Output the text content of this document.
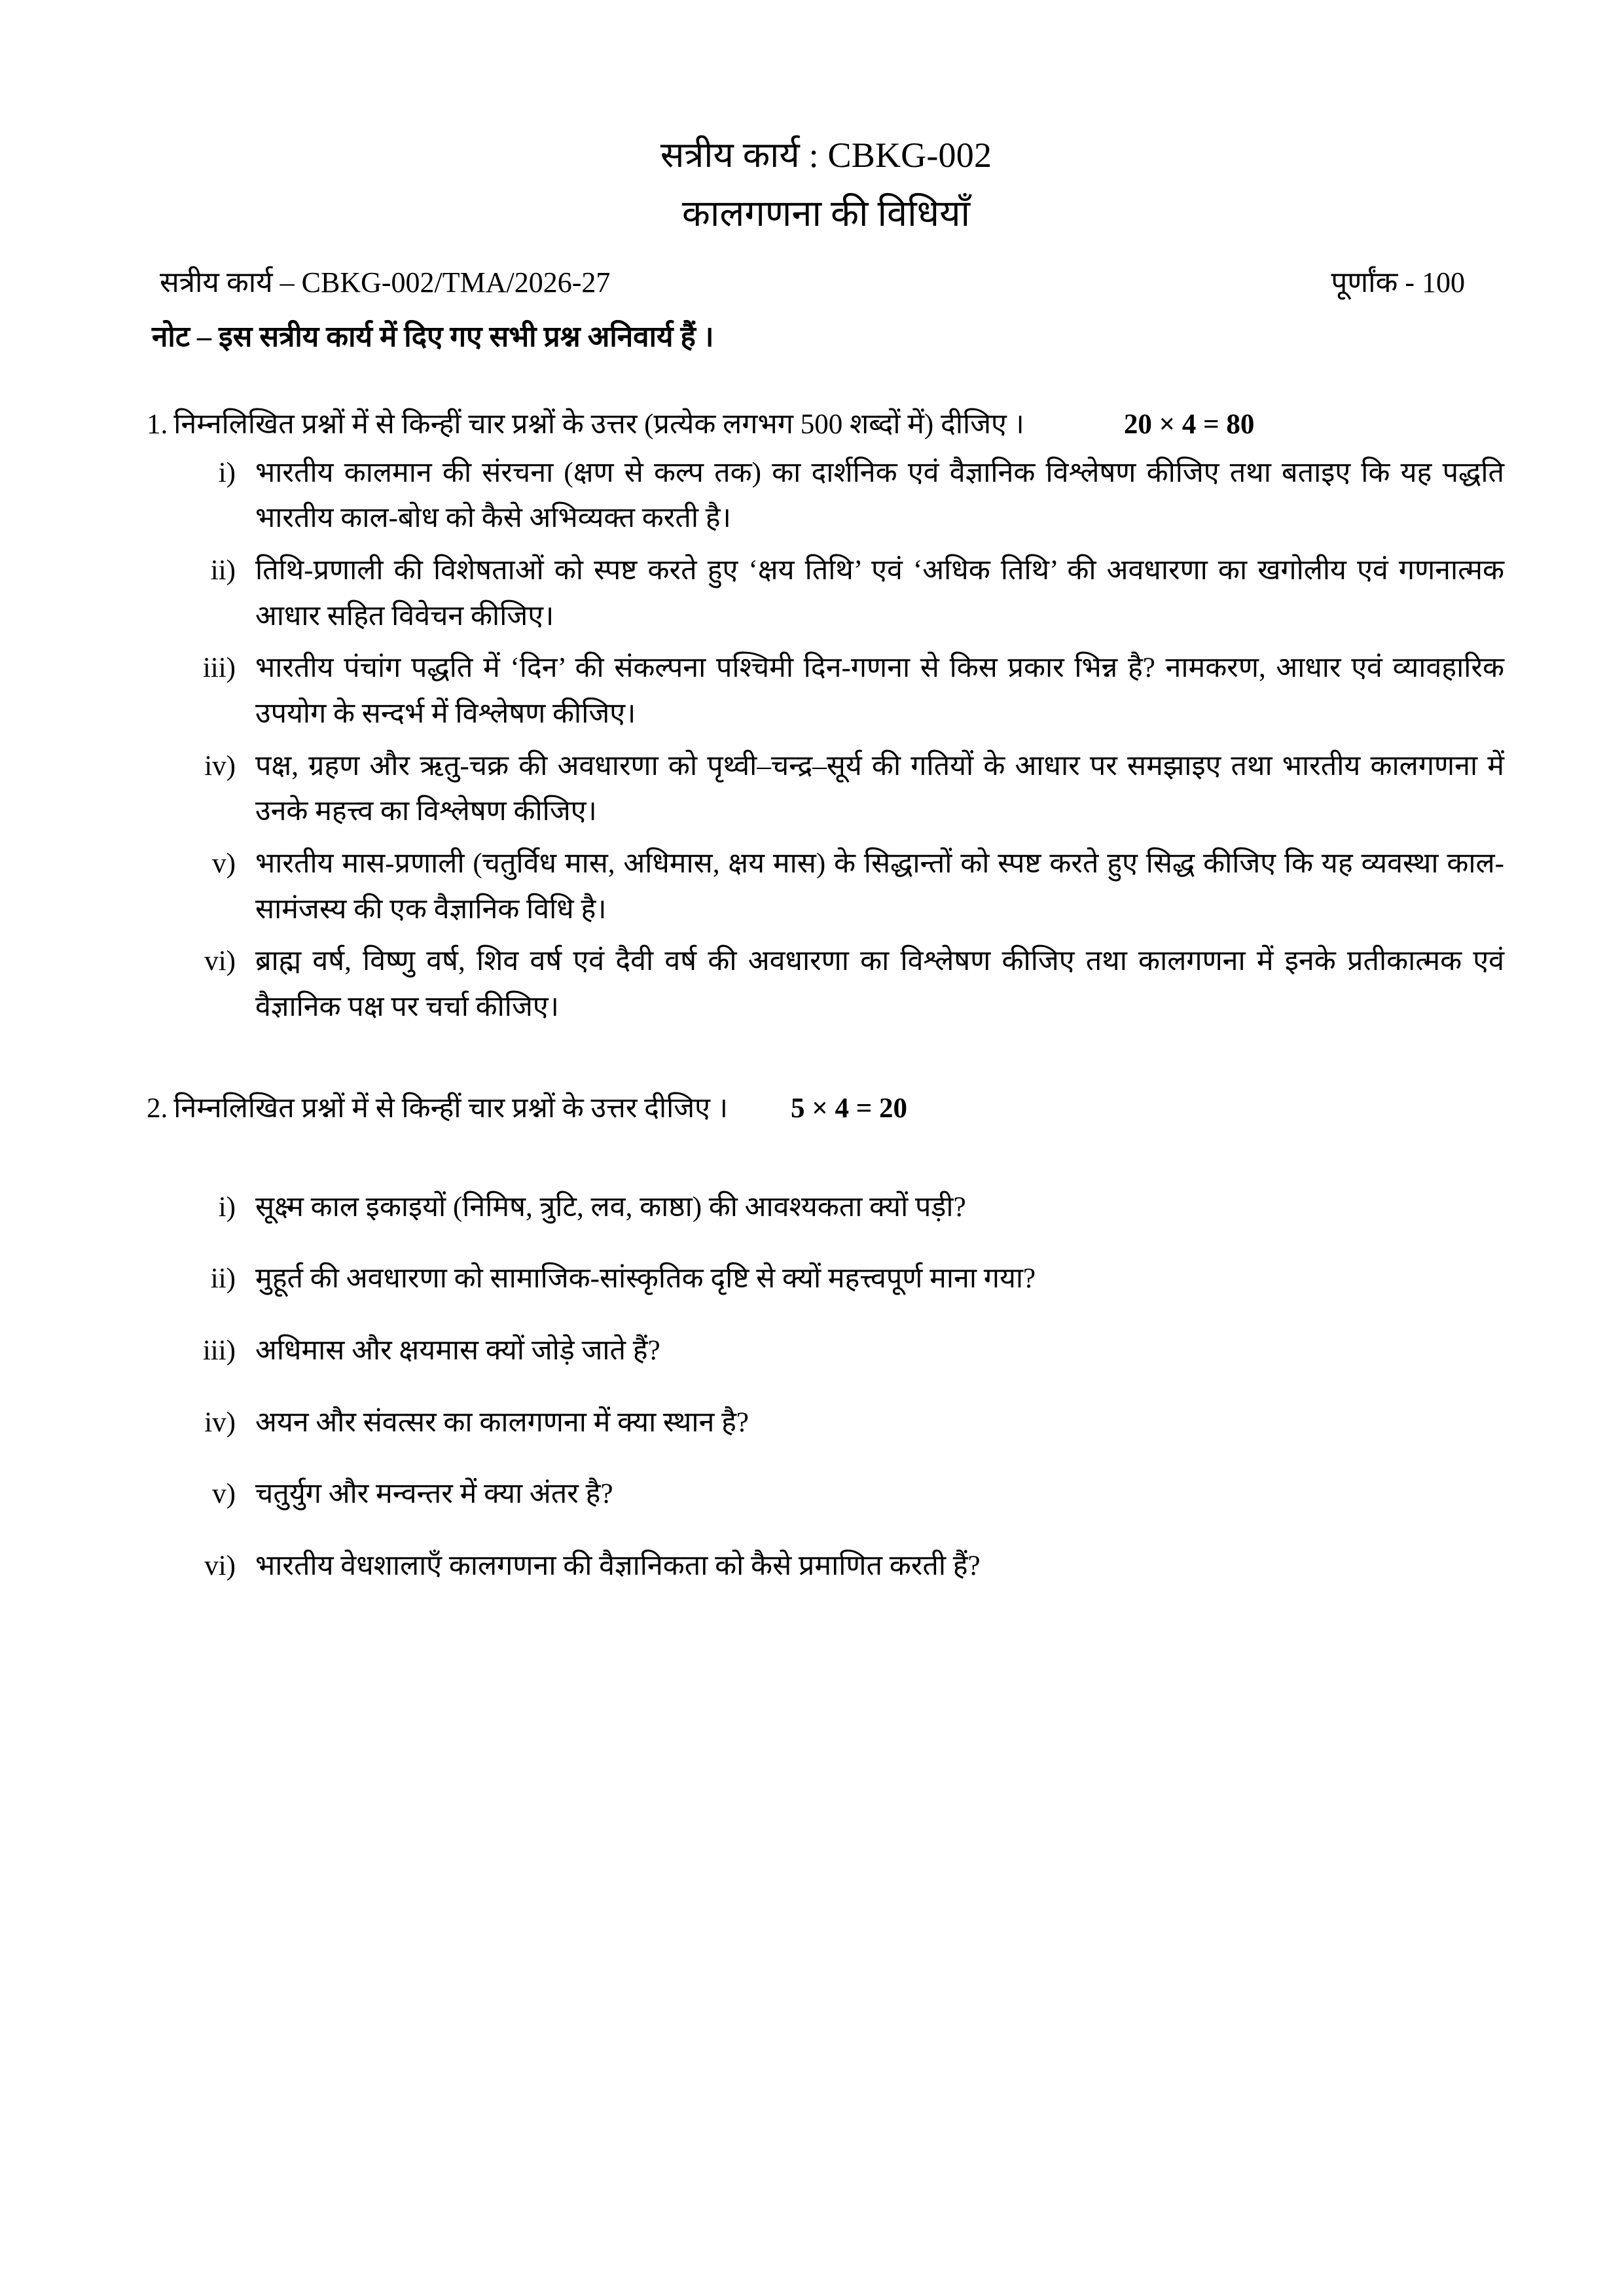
सत्रीय कार्य : CBKG-002
कालगणना की विधियाँ
सत्रीय कार्य – CBKG-002/TMA/2026-27	पूर्णांक - 100
नोट – इस सत्रीय कार्य में दिए गए सभी प्रश्न अनिवार्य हैं ।
1. निम्नलिखित प्रश्नों में से किन्हीं चार प्रश्नों के उत्तर (प्रत्येक लगभग 500 शब्दों में) दीजिए ।	20 × 4 = 80
i) भारतीय कालमान की संरचना (क्षण से कल्प तक) का दार्शनिक एवं वैज्ञानिक विश्लेषण कीजिए तथा बताइए कि यह पद्धति भारतीय काल-बोध को कैसे अभिव्यक्त करती है।
ii) तिथि-प्रणाली की विशेषताओं को स्पष्ट करते हुए ‘क्षय तिथि’ एवं ‘अधिक तिथि’ की अवधारणा का खगोलीय एवं गणनात्मक आधार सहित विवेचन कीजिए।
iii) भारतीय पंचांग पद्धति में ‘दिन’ की संकल्पना पश्चिमी दिन-गणना से किस प्रकार भिन्न है? नामकरण, आधार एवं व्यावहारिक उपयोग के सन्दर्भ में विश्लेषण कीजिए।
iv) पक्ष, ग्रहण और ऋतु-चक्र की अवधारणा को पृथ्वी–चन्द्र–सूर्य की गतियों के आधार पर समझाइए तथा भारतीय कालगणना में उनके महत्त्व का विश्लेषण कीजिए।
v) भारतीय मास-प्रणाली (चतुर्विध मास, अधिमास, क्षय मास) के सिद्धान्तों को स्पष्ट करते हुए सिद्ध कीजिए कि यह व्यवस्था काल-सामंजस्य की एक वैज्ञानिक विधि है।
vi) ब्राह्म वर्ष, विष्णु वर्ष, शिव वर्ष एवं दैवी वर्ष की अवधारणा का विश्लेषण कीजिए तथा कालगणना में इनके प्रतीकात्मक एवं वैज्ञानिक पक्ष पर चर्चा कीजिए।
2. निम्नलिखित प्रश्नों में से किन्हीं चार प्रश्नों के उत्तर दीजिए । 5 × 4 = 20
i) सूक्ष्म काल इकाइयों (निमिष, त्रुटि, लव, काष्ठा) की आवश्यकता क्यों पड़ी?
ii) मुहूर्त की अवधारणा को सामाजिक-सांस्कृतिक दृष्टि से क्यों महत्त्वपूर्ण माना गया?
iii) अधिमास और क्षयमास क्यों जोड़े जाते हैं?
iv) अयन और संवत्सर का कालगणना में क्या स्थान है?
v) चतुर्युग और मन्वन्तर में क्या अंतर है?
vi) भारतीय वेधशालाएँ कालगणना की वैज्ञानिकता को कैसे प्रमाणित करती हैं?
